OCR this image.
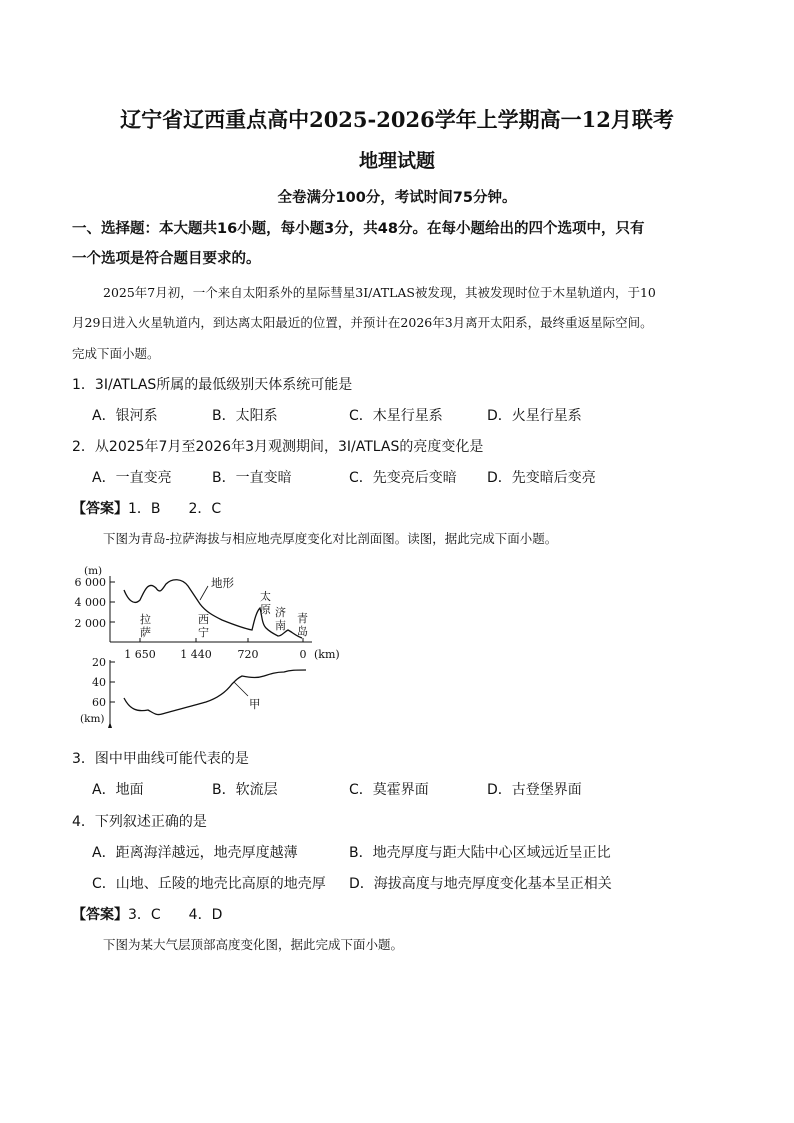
辽宁省辽西重点高中2025-2026学年上学期高一12月联考
地理试题
全卷满分100分，考试时间75分钟。
一、选择题：本大题共16小题，每小题3分，共48分。在每小题给出的四个选项中，只有
一个选项是符合题目要求的。
2025年7月初，一个来自太阳系外的星际彗星3I/ATLAS被发现，其被发现时位于木星轨道内，于10
月29日进入火星轨道内，到达离太阳最近的位置，并预计在2026年3月离开太阳系，最终重返星际空间。
完成下面小题。
1．3I/ATLAS所属的最低级别天体系统可能是
A．银河系	B．太阳系	C．木星行星系	D．火星行星系
2．从2025年7月至2026年3月观测期间，3I/ATLAS的亮度变化是
A．一直变亮	B．一直变暗	C．先变亮后变暗 D．先变暗后变亮
【答案】1．B　　2．C
下图为青岛-拉萨海拔与相应地壳厚度变化对比剖面图。读图，据此完成下面小题。
(m)
6 000
4 000
2 000
1 650 1 440 720	0 (km)
地形
拉
萨
西
宁
太
原 济
南
青
岛
20
40
60
(km)
甲
3．图中甲曲线可能代表的是
A．地面	B．软流层	C．莫霍界面	D．古登堡界面
4．下列叙述正确的是
A．距离海洋越远，地壳厚度越薄	B．地壳厚度与距大陆中心区域远近呈正比
C．山地、丘陵的地壳比高原的地壳厚 D．海拔高度与地壳厚度变化基本呈正相关
【答案】3．C　　4．D
下图为某大气层顶部高度变化图，据此完成下面小题。
